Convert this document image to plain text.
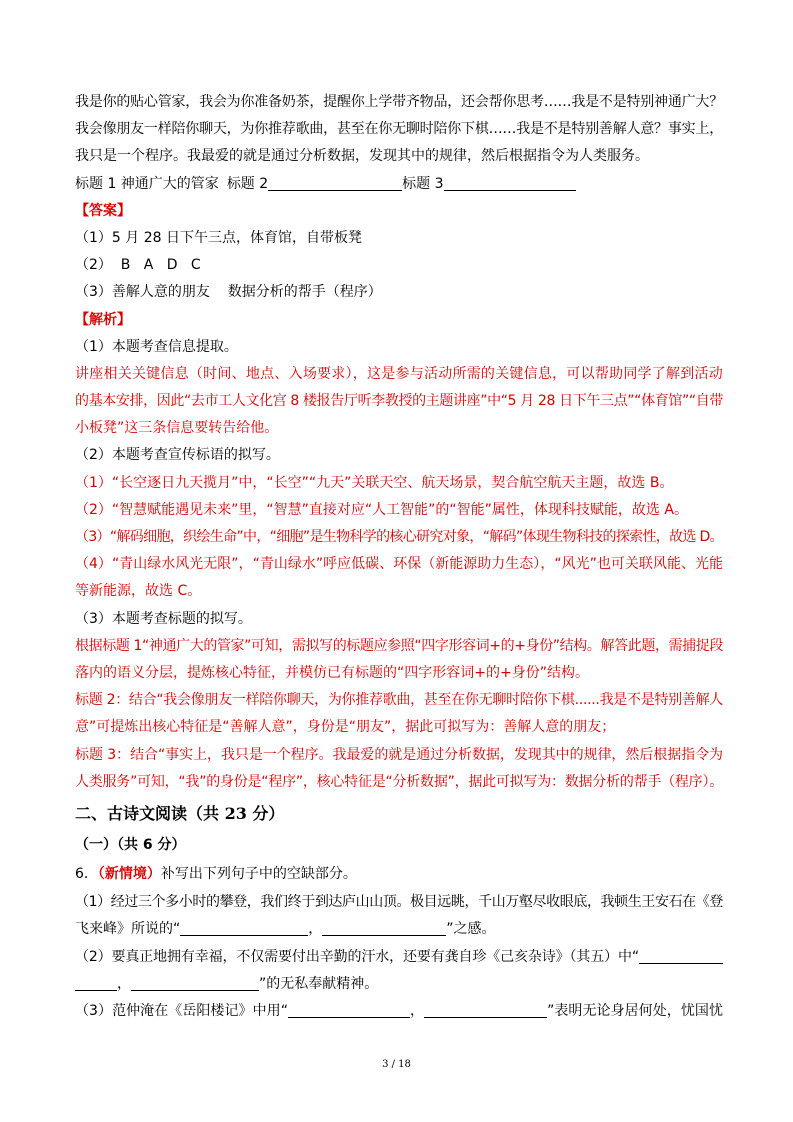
我是你的贴心管家，我会为你准备奶茶，提醒你上学带齐物品，还会帮你思考……我是不是特别神通广大？
我会像朋友一样陪你聊天，为你推荐歌曲，甚至在你无聊时陪你下棋……我是不是特别善解人意？事实上，
我只是一个程序。我最爱的就是通过分析数据，发现其中的规律，然后根据指令为人类服务。
标题 1 神通广大的管家 标题 2	标题 3
【答案】
（1）5 月 28 日下午三点，体育馆，自带板凳
（2）  B   A   D   C
（3）善解人意的朋友    数据分析的帮手（程序）
【解析】
（1）本题考查信息提取。
讲座相关关键信息（时间、地点、入场要求），这是参与活动所需的关键信息，可以帮助同学了解到活动
的基本安排，因此“去市工人文化宫 8 楼报告厅听李教授的主题讲座”中“5 月 28 日下午三点”“体育馆”“自带
小板凳”这三条信息要转告给他。
（2）本题考查宣传标语的拟写。
（1）“长空逐日九天揽月”中，“长空”“九天”关联天空、航天场景，契合航空航天主题，故选 B。
（2）“智慧赋能遇见未来”里，“智慧”直接对应“人工智能”的“智能”属性，体现科技赋能，故选 A。
（3）“解码细胞，织绘生命”中，“细胞”是生物科学的核心研究对象，“解码”体现生物科技的探索性，故选 D。
（4）“青山绿水风光无限”，“青山绿水”呼应低碳、环保（新能源助力生态），“风光”也可关联风能、光能
等新能源，故选 C。
（3）本题考查标题的拟写。
根据标题 1“神通广大的管家”可知，需拟写的标题应参照“四字形容词+的+身份”结构。解答此题，需捕捉段
落内的语义分层，提炼核心特征，并模仿已有标题的“四字形容词+的+身份”结构。
标题 2：结合“我会像朋友一样陪你聊天，为你推荐歌曲，甚至在你无聊时陪你下棋......我是不是特别善解人
意”可提炼出核心特征是“善解人意”，身份是“朋友”，据此可拟写为：善解人意的朋友；
标题 3：结合“事实上，我只是一个程序。我最爱的就是通过分析数据，发现其中的规律，然后根据指令为
人类服务”可知，“我”的身份是“程序”，核心特征是“分析数据”，据此可拟写为：数据分析的帮手（程序）。
二、古诗文阅读（共 23 分）
（一）（共 6 分）
6．（新情境）补写出下列句子中的空缺部分。
（1）经过三个多小时的攀登，我们终于到达庐山山顶。极目远眺，千山万壑尽收眼底，我顿生王安石在《登
飞来峰》所说的“	，	”之感。
（2）要真正地拥有幸福，不仅需要付出辛勤的汗水，还要有龚自珍《己亥杂诗》（其五）中“
，	”的无私奉献精神。
（3）范仲淹在《岳阳楼记》中用“	，	”表明无论身居何处，忧国忧
3 / 18
